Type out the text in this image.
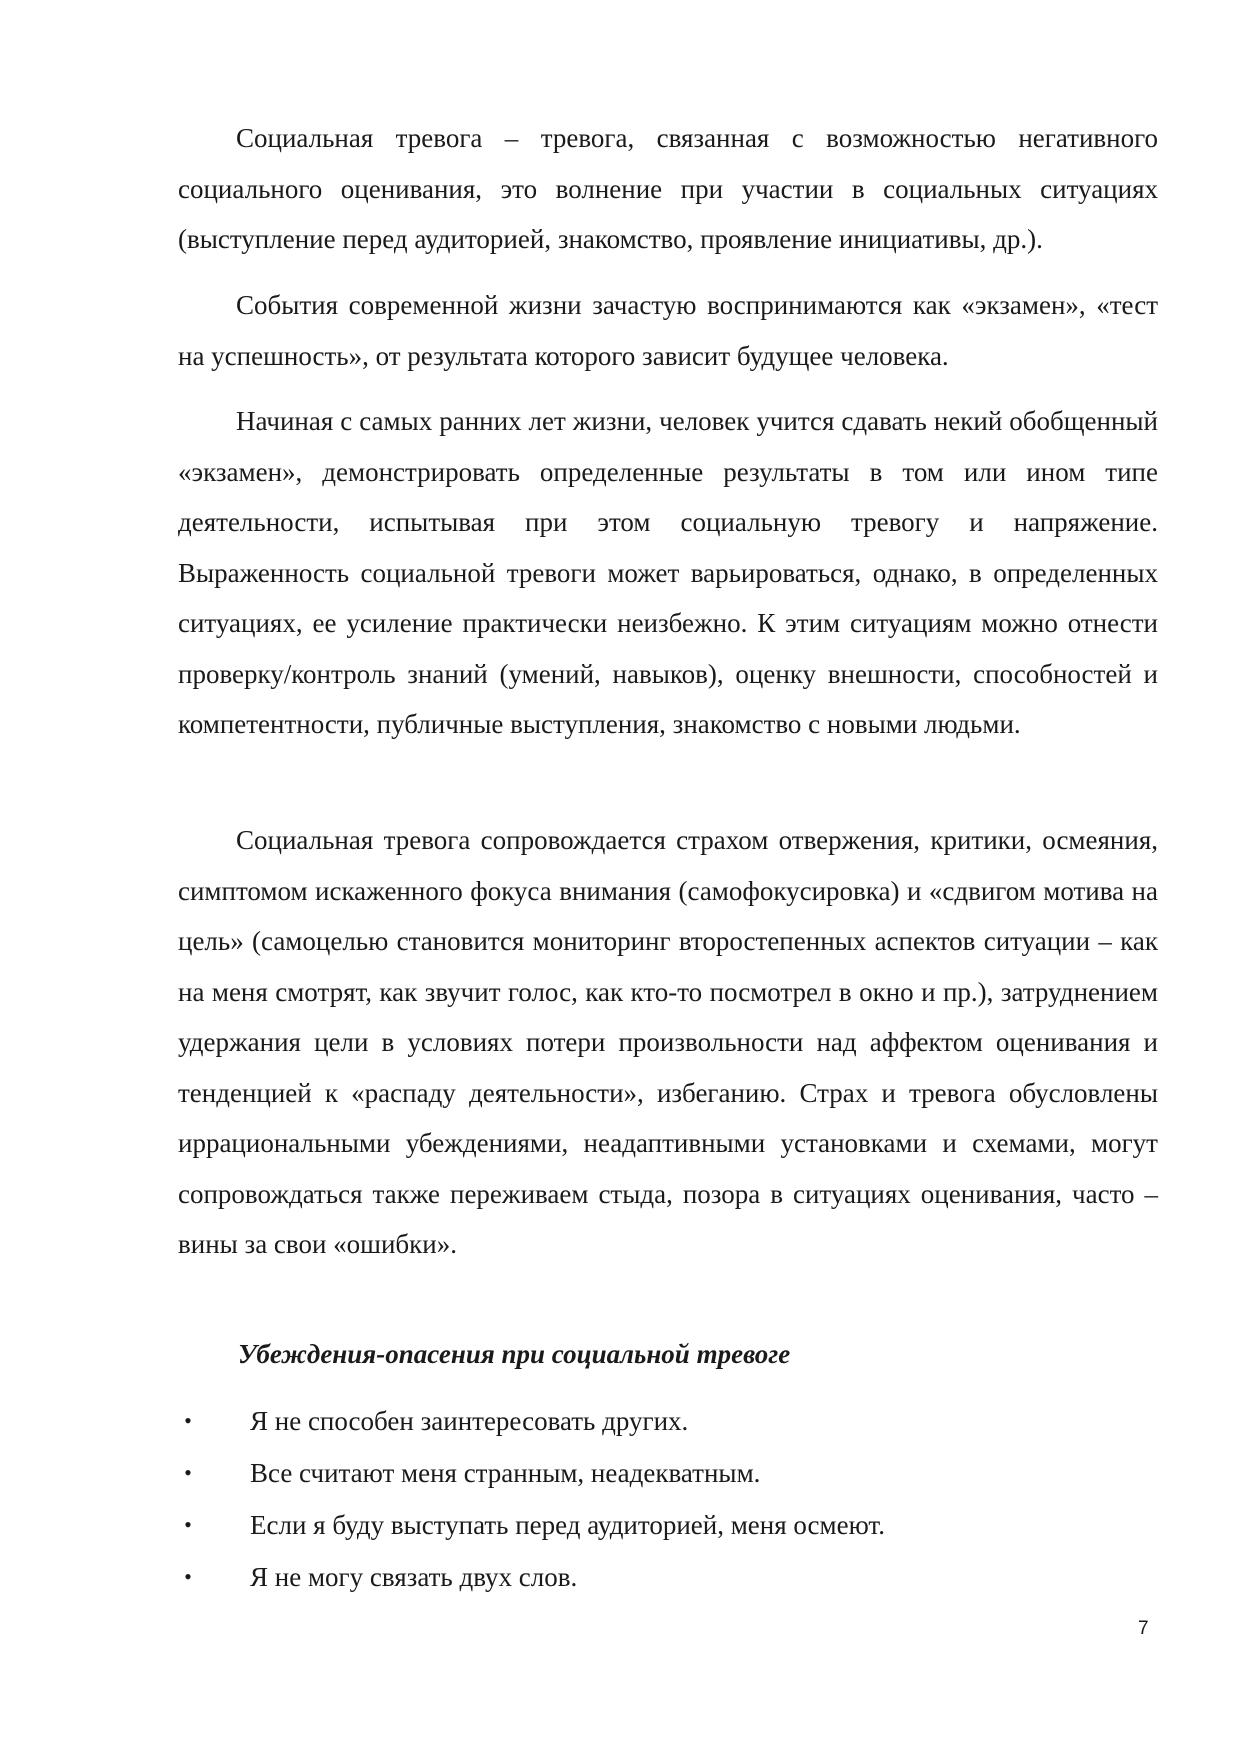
Социальная тревога – тревога, связанная с возможностью негативного социального оценивания, это волнение при участии в социальных ситуациях (выступление перед аудиторией, знакомство, проявление инициативы, др.).

События современной жизни зачастую воспринимаются как «экзамен», «тест на успешность», от результата которого зависит будущее человека.

Начиная с самых ранних лет жизни, человек учится сдавать некий обобщенный «экзамен», демонстрировать определенные результаты в том или ином типе деятельности, испытывая при этом социальную тревогу и напряжение. Выраженность социальной тревоги может варьироваться, однако, в определенных ситуациях, ее усиление практически неизбежно. К этим ситуациям можно отнести проверку/контроль знаний (умений, навыков), оценку внешности, способностей и компетентности, публичные выступления, знакомство с новыми людьми.

Социальная тревога сопровождается страхом отвержения, критики, осмеяния, симптомом искаженного фокуса внимания (самофокусировка) и «сдвигом мотива на цель» (самоцелью становится мониторинг второстепенных аспектов ситуации – как на меня смотрят, как звучит голос, как кто-то посмотрел в окно и пр.), затруднением удержания цели в условиях потери произвольности над аффектом оценивания и тенденцией к «распаду деятельности», избеганию. Страх и тревога обусловлены иррациональными убеждениями, неадаптивными установками и схемами, могут сопровождаться также переживаем стыда, позора в ситуациях оценивания, часто – вины за свои «ошибки».

Убеждения-опасения при социальной тревоге

• Я не способен заинтересовать других.
• Все считают меня странным, неадекватным.
• Если я буду выступать перед аудиторией, меня осмеют.
• Я не могу связать двух слов.
7
